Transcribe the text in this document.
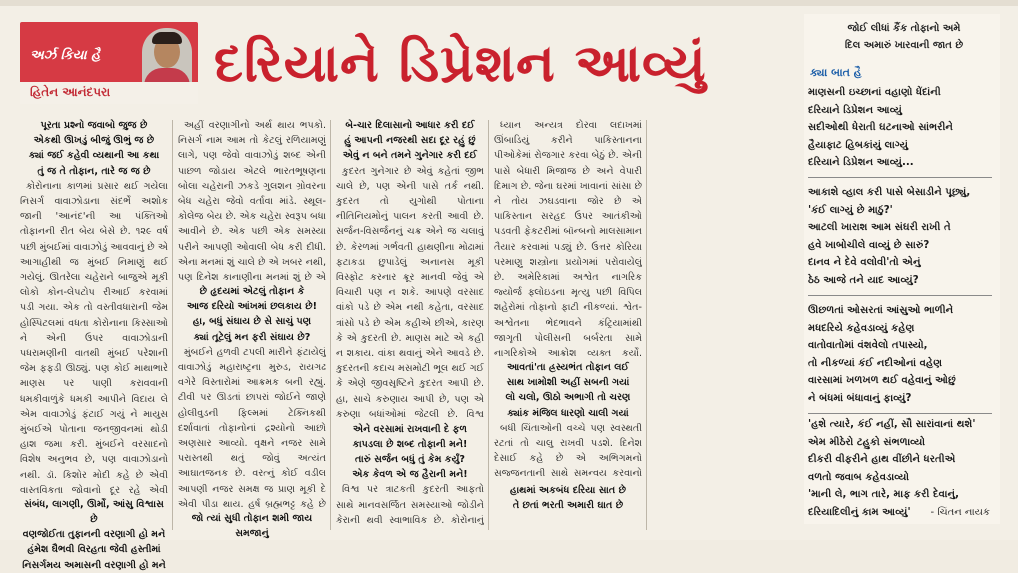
અર્ઝ કિયા હૈ
હિતેન આનંદપરા દરિયાને ડિપ્રેશન આવ્યું
પૂરતા પ્રશ્નો જવાબો જુજ છે
એકથી ઊખડું બીજું ઊભું જ છે
ક્યાં જઈ કહેવી વ્યથાની આ કથા
તું જ તે તોફાન, તારે જ જ છે

કોરોનાના કાળમાં પ્રસાર થઈ ગયેલા નિસર્ગ વાવાઝોડાના સંદર્ભે અશોક જાની 'આનંદ'ની આ પંક્તિઓ તોફાનની રીત બેય બેસે છે. ૧૨૯ વર્ષ પછી મુંબઈમાં વાવાઝોડું આવવાનું છે એ આગાહીથી જ મુંબઈ નિમાણું થઈ ગયેલું. ઊતરેલા ચહેરાને બાજુએ મૂકી લોકો કોન-લેપટોપ રીઆઈ કરવામાં પડી ગયા. એક તો વસ્તીવધારાની જેમ હોસ્પિટલમાં વધતા કોરોનાના કિસ્સાઓ ને એની ઉપર વાવાઝોડાની પધરામણીની વાતથી મુંબઈ પરેશાની જેમ ફફડી ઊઠ્યું. પણ કોઈ માથાભારે માણસ પર પાણી કરાવવાની ધમકીવાળુંકે ધમકી આપીને વિદાય લે એમ વાવાઝોડું ફંટાઈ ગયું ને માયુસ મુંબઈએ પોતાના જનજીવનમાં થોડી હાશ જમા કરી. મુંબઈને વરસાદનો વિશેષ અનુભવ છે, પણ વાવાઝોડાનો નથી. ડૉ. કિશોર મોદી કહે છે એવી વાસ્તવિકતા જોવાનો દૂર રહે એવી

સંબંધ, લાગણી, ઊર્મો, આંસુ વિશ્વાસ છે
વણજોઈતા તુફાનની વરણાગી હો મને
હંમેશ ઘૈભવી વિરહતા જેવી હસ્તીમાં
નિસર્ગમય અમાસની વરણાગી હો મને

અહીં વરણાગીનો અર્થ થાય ભપકો. નિસર્ગ નામ આમ તો કેટલું રળિયામણું લાગે, પણ જેવો વાવાઝોડું શબ્દ એની પાછળ જોડાય એટલે ભારતભૂષણના બોલા ચહેરાની ઝકડે ગુલશન ગ્રોવરના બેધ ચહેરા જેવો વર્તાવા માંડે. સ્થૂલ-કોલેજ બેય છે. એક ચહેરા સ્વરૂપ બધા આવીને છે. એક પછી એક સમસ્યા પરીને આપણી ઓવાલી બેધ કરી દીધી. એના મનમાં શું ચાલે છે એ ખબર નથી, પણ દિનેશ કાનાણીના મનમાં શું છે એ

છે હૃદયમાં એટલું તોફાન કે
આજ દરિયો આંખમાં છલકાય છે!
હા, બધું સંઘાય છે સે સાચું પણ
ક્યાં તૂટેલું મન ફરી સંઘાય છે?

મુંબઈને હળવી ટપલી મારીને ફંટાયેલું વાવાઝોડું મહારાષ્ટ્રના મુરુડ, રાયગઢ વગેરે વિસ્તારોમાં આક્રમક બની રહ્યું. ટીવી પર ઊડતાં છાપરાં જોઈને જાણે હોલીવુડની ફિલ્મમાં ટેક્નિકથી દર્શાવાતાં તોફાનોનાં દ્રશ્યોનો આછો અણસાર આવ્યો. વૃક્ષને નજર સામે પરાસ્તથી થતું જોવું અત્યંત આઘાતજનક છે. વરત્નું કોઈ વડીલ આપણી નજર સમક્ષ જ પ્રાણ મૂકી દે એવી પીડા થાય. હર્ષ બ્રહ્મભટ્ટ કહે છે

જો ત્યાં સુધી તોફાન શમી જાય સમજાનું
બે-ચાર દિલાસાનો આધાર કરી દઈ
હું આપની નજરથી સદા દૂર રહું છું
એવું ન બને તમને ગુનેગાર કરી દઈ

કુદરત ગુનેગાર છે એવું કહેતાં જીભ ચાલે છે, પણ એની પાસે તર્ક નથી. કુદરત તો યુગોથી પોતાના નીતિનિયમોનું પાલન કરતી આવી છે. સર્જન-વિસર્જનનું ચક્ર એને જ ચલાવું છે. કેરળમાં ગર્ભવતી હાથણીના મોઢામાં ફટાકડા છુપાડેલું અનાનસ મૂકી વિસ્ફોટ કરનાર ક્રૂર માનવી જેવું એ વિચારી પણ ન શકે. આપણે વરસાદ વાંકો પડે છે એમ નથી કહેતા, વરસાદ ત્રાંસો પડે છે એમ કહીએ છીએ, કારણ કે એ કુદરતી છે. માણસ માટે એ કહી ન શકાય. વાંકા થવાનું એને આવડે છે. કુદરતની કદાચ મસમોટી ભૂલ થઈ ગઈ કે એણે જીવસૃષ્ટિને કુદરત આપી છે. હા, સાચે કરુણાય આપી છે, પણ એ કરુણા બધાંઓમાં જેટલી છે. વિશ્વ

એને વરસામાં રાખવાની દે ફળ
કાપડલા છે શબ્દ તોફાની મને!
તારું સર્જન બધું તું કેમ કર્યું?
એક કેવળ એ જ હૈરાની મને!

વિશ્વ પર ત્રાટકતી કુદરતી આફતો સાથે માનવસર્જિત સમસ્યાઓ જોડીને કેરાની થવી સ્વાભાવિક છે. કોરોનાનું

ધ્યાન અન્યત્ર દોરવા લદાખમાં ઊંબાડિયું કરીને પાકિસ્તાનના પીઓકેમાં રોજગાર કરવા બેઠું છે. એની પાસે બેધારી મિજાજ છે અને વેપારી દિમાગ છે. જેના ઘરમાં ખાવાનાં સાંસા છે ને તોય ઝઘડવાના જોર છે એ પાકિસ્તાન સરહદ ઉપર આતંકીઓ પડવતી ફેકટરીમાં બૉન્બનો માલસામાન તૈયાર કરવામાં પડ્યું છે. ઉત્તર કોરિયા પરમાણુ શસ્ત્રોના પ્રયોગમાં પરોવાયેલું છે. અમેરિકામાં અશ્વેત નાગરિક જ્યોર્જ ફ્લોઇડના મૃત્યુ પછી વિપિલ શહેરોમાં તોફાનો ફાટી નીકળ્યાં. શ્વેત-અશ્વેતના ભેદભાવને કંટ્રિયામાંથી જાગૃતી પોલીસની બર્બરતા સામે નાગરિકોએ આક્રોશ વ્યક્ત કર્યો.

આવતાં'તા હ્રસ્યભંત તોફાન લઈ
સાથ ખામોશી અહીં સબની ગયાં
લો ચલો, ઊઠો અભાગી તો ચરણ
ક્યાંક મંજિલ ધારણો ચાલી ગયાં

બધી ચિંતાઓની વચ્ચે પણ સ્વસ્થતી રટતાં તો ચાલુ રાખવી પડશે. દિનેશ દેસાઈ કહે છે એ અભિગમનો સજ્જનતાની સાથે સમન્વય કરવાનો

હાથમાં અકબંધ દરિયા સાત છે
તે છતાં ભરતી અમારી ઘાત છે
જોઈ લીધાં કૈંક તોફાનો અમે
દિલ અમારું ખારવાની જાત છે
ક્યા બાત હૈ
માણસની ઇચ્છાનાં વહાણો ધેંદાંની
દરિયાને ડિપ્રેશન આવ્યું
સદીઓથી ધેરાતી ઘટનાઓ સાંભરીને
હૈયાફાટ હિબકાંયું લાગ્યું
દરિયાને ડિપ્રેશન આવ્યું...
આકાશે વ્હાલ કરી પાસે બેસાડીને પૂછ્યું,
'કંઈ લાગ્યું છે માઠું?'
આટલી ખારાશ આમ સંઘરી રાખી તે
હવે ખાબોચીલે વાવ્યું છે સારું?
દાનવ ને દેવે વલોવી'તો એનું
ઠેઠ આજે તને યાદ આવ્યું?
ઊછળતાં ઓસરતાં આંસુઓ ભાળીને
મધદરિયે કહેવડાવ્યું કહેણ
વાતોવાતોમાં વંશવેલો તપાસ્યો,
તો નીકળ્યાં કંઈ નદીઓનાં વહેણ
વારસામાં ખળખળ થઈ વહેવાનું ઓછું
ને બંધમાં બંધાવાનું ફાવ્યું?
'હશે ત્યારે, કંઈ નહીં, સૌ સારાંવાનાં થશે'
એમ મીઠેરો ટહુકો સંભળાવ્યો
દીકરી વીફરીને હાથ વીંછીને ધરતીએ
વળતો જવાબ કહેવડાવ્યો
'માની લે, ભાગ તારે, માફ કરી દેવાનું,
દરિયાદિલીનું કામ આવ્યું'	- ચિંતન નાયક
